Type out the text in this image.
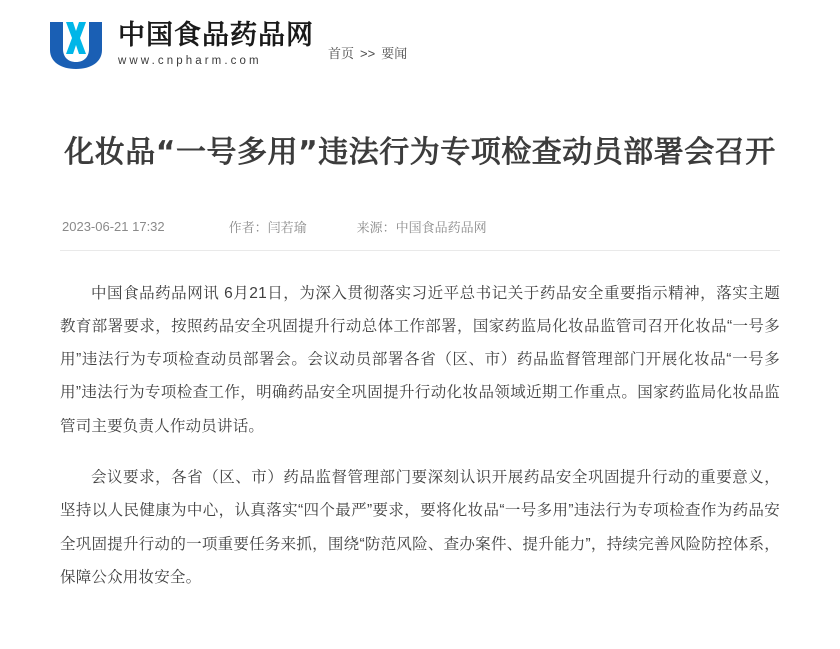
中国食品药品网
www.cnpharm.com
首页 >> 要闻
化妆品“一号多用”违法行为专项检查动员部署会召开
2023-06-21 17:32	作者：闫若瑜	来源：中国食品药品网

中国食品药品网讯 6月21日，为深入贯彻落实习近平总书记关于药品安全重要指示精神，落实主题教育部署要求，按照药品安全巩固提升行动总体工作部署，国家药监局化妆品监管司召开化妆品“一号多用”违法行为专项检查动员部署会。会议动员部署各省（区、市）药品监督管理部门开展化妆品“一号多用”违法行为专项检查工作，明确药品安全巩固提升行动化妆品领域近期工作重点。国家药监局化妆品监管司主要负责人作动员讲话。

会议要求，各省（区、市）药品监督管理部门要深刻认识开展药品安全巩固提升行动的重要意义，坚持以人民健康为中心，认真落实“四个最严”要求，要将化妆品“一号多用”违法行为专项检查作为药品安全巩固提升行动的一项重要任务来抓，围绕“防范风险、查办案件、提升能力”，持续完善风险防控体系，保障公众用妆安全。
